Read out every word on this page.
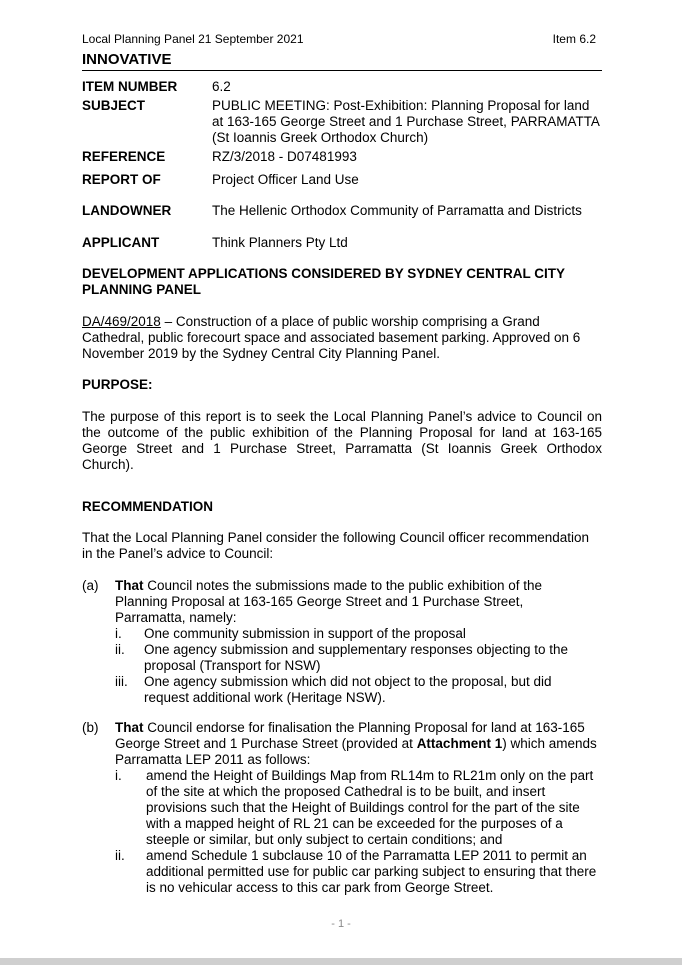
Local Planning Panel 21 September 2021	Item 6.2
INNOVATIVE
ITEM NUMBER	6.2
SUBJECT	PUBLIC MEETING: Post-Exhibition: Planning Proposal for land at 163-165 George Street and 1 Purchase Street, PARRAMATTA (St Ioannis Greek Orthodox Church)
REFERENCE	RZ/3/2018 - D07481993
REPORT OF	Project Officer Land Use
LANDOWNER	The Hellenic Orthodox Community of Parramatta and Districts
APPLICANT	Think Planners Pty Ltd
DEVELOPMENT APPLICATIONS CONSIDERED BY SYDNEY CENTRAL CITY PLANNING PANEL
DA/469/2018 – Construction of a place of public worship comprising a Grand Cathedral, public forecourt space and associated basement parking. Approved on 6 November 2019 by the Sydney Central City Planning Panel.
PURPOSE:
The purpose of this report is to seek the Local Planning Panel’s advice to Council on the outcome of the public exhibition of the Planning Proposal for land at 163-165 George Street and 1 Purchase Street, Parramatta (St Ioannis Greek Orthodox Church).
RECOMMENDATION
That the Local Planning Panel consider the following Council officer recommendation in the Panel’s advice to Council:
(a) That Council notes the submissions made to the public exhibition of the Planning Proposal at 163-165 George Street and 1 Purchase Street, Parramatta, namely:
i. One community submission in support of the proposal
ii. One agency submission and supplementary responses objecting to the proposal (Transport for NSW)
iii. One agency submission which did not object to the proposal, but did request additional work (Heritage NSW).
(b) That Council endorse for finalisation the Planning Proposal for land at 163-165 George Street and 1 Purchase Street (provided at Attachment 1) which amends Parramatta LEP 2011 as follows:
i. amend the Height of Buildings Map from RL14m to RL21m only on the part of the site at which the proposed Cathedral is to be built, and insert provisions such that the Height of Buildings control for the part of the site with a mapped height of RL 21 can be exceeded for the purposes of a steeple or similar, but only subject to certain conditions; and
ii. amend Schedule 1 subclause 10 of the Parramatta LEP 2011 to permit an additional permitted use for public car parking subject to ensuring that there is no vehicular access to this car park from George Street.
- 1 -
